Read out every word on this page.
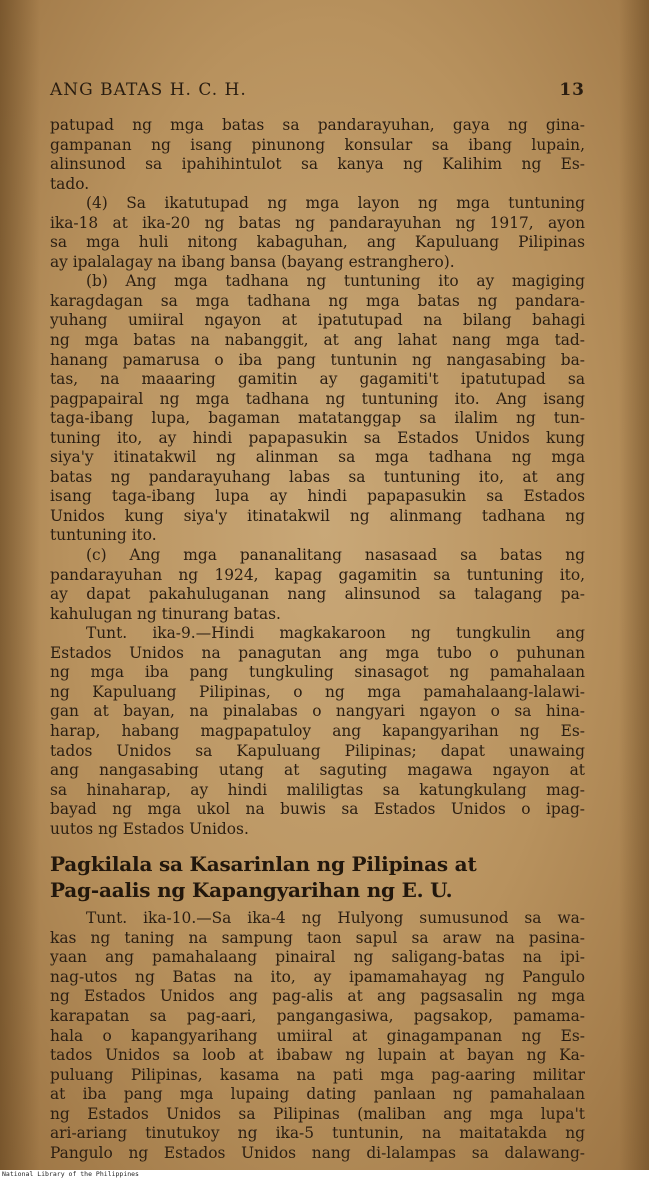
ANG BATAS H. C. H.	13
patupad ng mga batas sa pandarayuhan, gaya ng gina-
gampanan ng isang pinunong konsular sa ibang lupain,
alinsunod sa ipahihintulot sa kanya ng Kalihim ng Es-
tado.
(4) Sa ikatutupad ng mga layon ng mga tuntuning
ika-18 at ika-20 ng batas ng pandarayuhan ng 1917, ayon
sa mga huli nitong kabaguhan, ang Kapuluang Pilipinas
ay ipalalagay na ibang bansa (bayang estranghero).
(b) Ang mga tadhana ng tuntuning ito ay magiging
karagdagan sa mga tadhana ng mga batas ng pandara-
yuhang umiiral ngayon at ipatutupad na bilang bahagi
ng mga batas na nabanggit, at ang lahat nang mga tad-
hanang pamarusa o iba pang tuntunin ng nangasabing ba-
tas, na maaaring gamitin ay gagamiti't ipatutupad sa
pagpapairal ng mga tadhana ng tuntuning ito. Ang isang
taga-ibang lupa, bagaman matatanggap sa ilalim ng tun-
tuning ito, ay hindi papapasukin sa Estados Unidos kung
siya'y itinatakwil ng alinman sa mga tadhana ng mga
batas ng pandarayuhang labas sa tuntuning ito, at ang
isang taga-ibang lupa ay hindi papapasukin sa Estados
Unidos kung siya'y itinatakwil ng alinmang tadhana ng
tuntuning ito.
(c) Ang mga pananalitang nasasaad sa batas ng
pandarayuhan ng 1924, kapag gagamitin sa tuntuning ito,
ay dapat pakahuluganan nang alinsunod sa talagang pa-
kahulugan ng tinurang batas.
Tunt. ika-9.—Hindi magkakaroon ng tungkulin ang
Estados Unidos na panagutan ang mga tubo o puhunan
ng mga iba pang tungkuling sinasagot ng pamahalaan
ng Kapuluang Pilipinas, o ng mga pamahalaang-lalawi-
gan at bayan, na pinalabas o nangyari ngayon o sa hina-
harap, habang magpapatuloy ang kapangyarihan ng Es-
tados Unidos sa Kapuluang Pilipinas; dapat unawaing
ang nangasabing utang at saguting magawa ngayon at
sa hinaharap, ay hindi maliligtas sa katungkulang mag-
bayad ng mga ukol na buwis sa Estados Unidos o ipag-
uutos ng Estados Unidos.
Pagkilala sa Kasarinlan ng Pilipinas at
Pag-aalis ng Kapangyarihan ng E. U.
Tunt. ika-10.—Sa ika-4 ng Hulyong sumusunod sa wa-
kas ng taning na sampung taon sapul sa araw na pasina-
yaan ang pamahalaang pinairal ng saligang-batas na ipi-
nag-utos ng Batas na ito, ay ipamamahayag ng Pangulo
ng Estados Unidos ang pag-alis at ang pagsasalin ng mga
karapatan sa pag-aari, pangangasiwa, pagsakop, pamama-
hala o kapangyarihang umiiral at ginagampanan ng Es-
tados Unidos sa loob at ibabaw ng lupain at bayan ng Ka-
puluang Pilipinas, kasama na pati mga pag-aaring militar
at iba pang mga lupaing dating panlaan ng pamahalaan
ng Estados Unidos sa Pilipinas (maliban ang mga lupa't
ari-ariang tinutukoy ng ika-5 tuntunin, na maitatakda ng
Pangulo ng Estados Unidos nang di-lalampas sa dalawang-
National Library of the Philippines
